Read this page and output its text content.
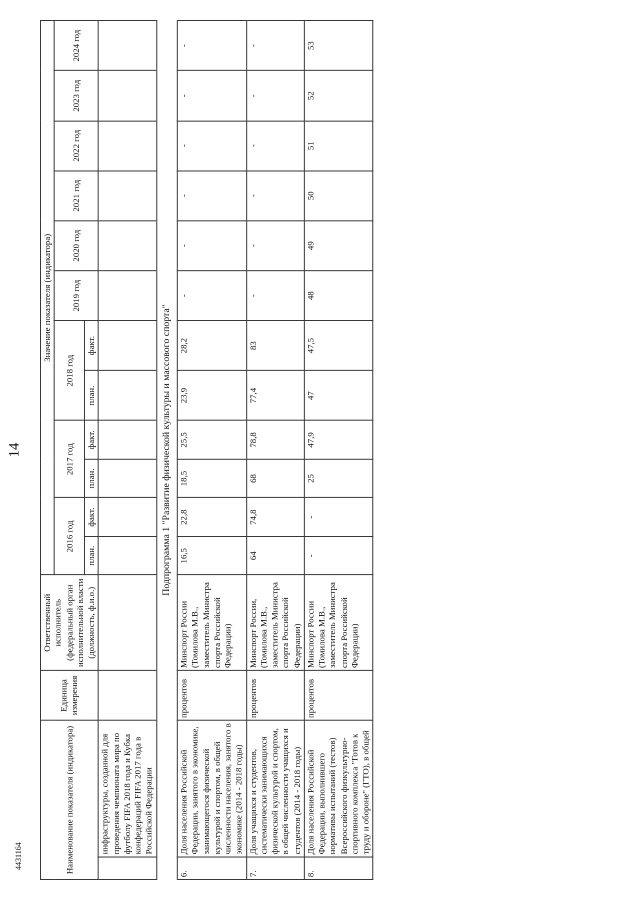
14
Наименование показателя (индикатора)		Единица измерения	Ответственный исполнитель (федеральный орган исполнительной власти (должность, ф.и.о.)	Значение показателя (индикатора)											
				2016 год		2017 год		2018 год		2019 год	2020 год	2021 год	2022 год	2023 год	2024 год
				план.	факт.	план.	факт.	план.	факт.						
	инфраструктуры, созданной для проведения чемпионата мира по футболу FIFA 2018 года и Кубка конфедераций FIFA 2017 года в Российской Федерации														
Подпрограмма 1 "Развитие физической культуры и массового спорта"															
6.	Доля населения Российской Федерации, занятого в экономике, занимающегося физической культурой и спортом, в общей численности населения, занятого в экономике (2014 - 2018 годы)	процентов	Минспорт России (Томилова М.В., заместитель Министра спорта Российской Федерации)	16,5	22,8	18,5	25,5	23,9	28,2	-	-	-	-	-	-
7.	Доля учащихся и студентов, систематически занимающихся физической культурой и спортом, в общей численности учащихся и студентов (2014 - 2018 годы)	процентов	Минспорт России, (Томилова М.В., заместитель Министра спорта Российской Федерации)	64	74,8	68	78,8	77,4	83	-	-	-	-	-	-
8.	Доля населения Российской Федерации, выполнившего нормативы испытаний (тестов) Всероссийского физкультурно-спортивного комплекса "Готов к труду и обороне" (ГТО), в общей	процентов	Минспорт России (Томилова М.В., заместитель Министра спорта Российской Федерации)	-	-	25	47,9	47	47,5	48	49	50	51	52	53
4431164
